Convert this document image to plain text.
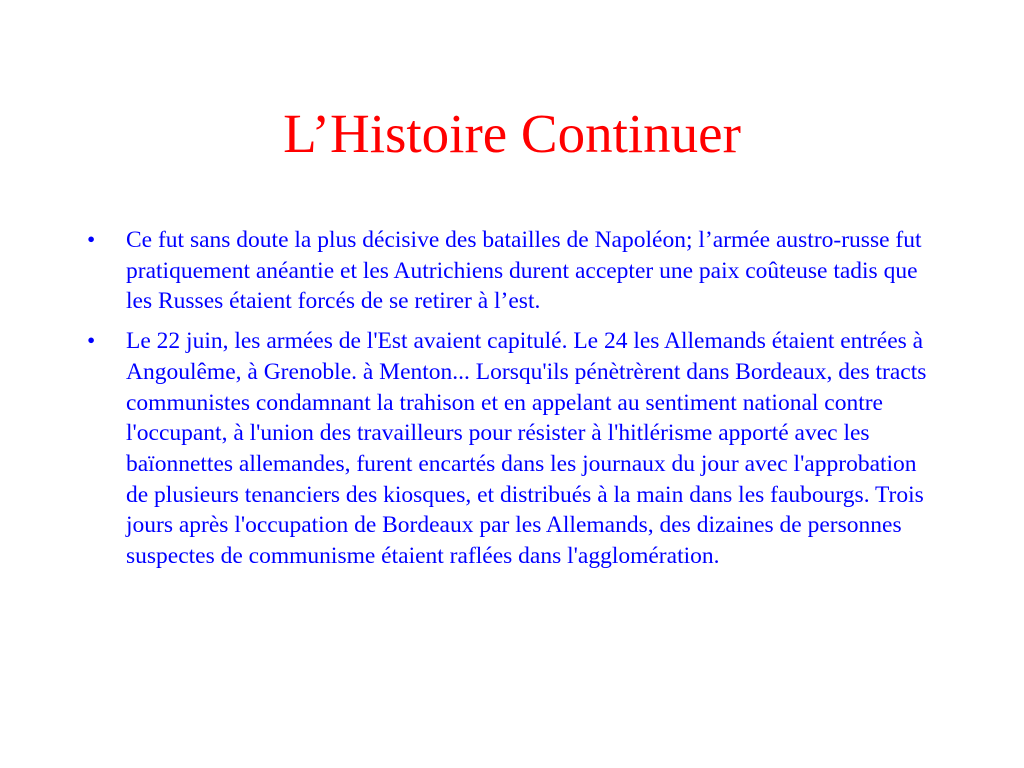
L’Histoire Continuer
• Ce fut sans doute la plus décisive des batailles de Napoléon; l’armée austro-russe fut pratiquement anéantie et les Autrichiens durent accepter une paix coûteuse tadis que les Russes étaient forcés de se retirer à l’est.
• Le 22 juin, les armées de l'Est avaient capitulé. Le 24 les Allemands étaient entrées à Angoulême, à Grenoble. à Menton... Lorsqu'ils pénètrèrent dans Bordeaux, des tracts communistes condamnant la trahison et en appelant au sentiment national contre l'occupant, à l'union des travailleurs pour résister à l'hitlérisme apporté avec les baïonnettes allemandes, furent encartés dans les journaux du jour avec l'approbation de plusieurs tenanciers des kiosques, et distribués à la main dans les faubourgs. Trois jours après l'occupation de Bordeaux par les Allemands, des dizaines de personnes suspectes de communisme étaient raflées dans l'agglomération.
